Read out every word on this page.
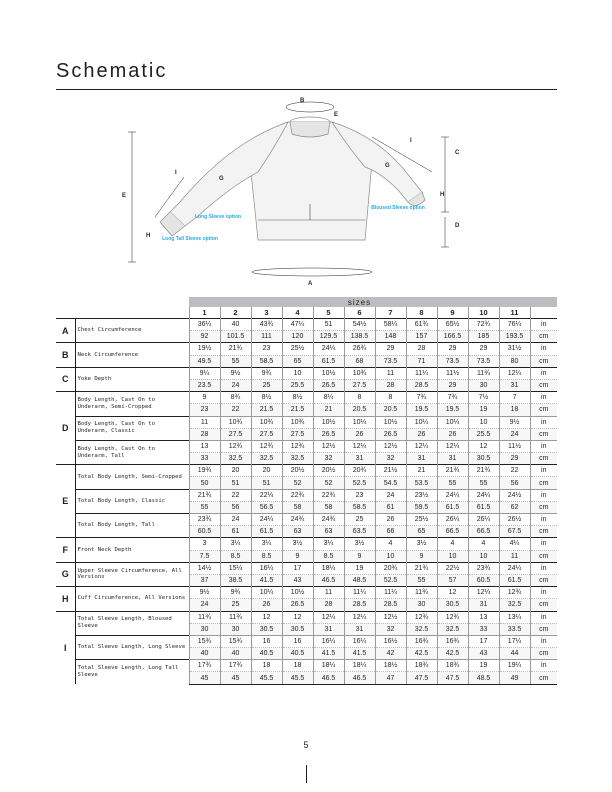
Schematic
B
E
C
I
G
H
D
E
I
G
H
A
Long Sleeve option
Long Tall Sleeve option
Bloused Sleeve option
		sizes											
		1	2	3	4	5	6	7	8	9	10	11	
A	Chest Circumference	36¼	40	43¾	47¼	51	54½	58¼	61¾	65½	72¾	76¼	in
		92	101.5	111	120	129.5	138.5	148	157	166.5	185	193.5	cm
B	Neck Circumference	19½	21¾	23	25½	24¼	26¾	29	28	29	29	31½	in
		49.5	55	58.5	65	61.5	68	73.5	71	73.5	73.5	80	cm
C	Yoke Depth	9¼	9½	9¾	10	10½	10¾	11	11¼	11½	11¾	12¼	in
		23.5	24	25	25.5	26.5	27.5	28	28.5	29	30	31	cm
D	Body Length, Cast On to Underarm, Semi-Cropped	9	8¾	8½	8½	8¼	8	8	7¾	7¾	7½	7	in
		23	22	21.5	21.5	21	20.5	20.5	19.5	19.5	19	18	cm
	Body Length, Cast On to Underarm, Classic	11	10¾	10¾	10¾	10½	10¼	10½	10¼	10¼	10	9½	in
		28	27.5	27.5	27.5	26.5	26	26.5	26	26	25.5	24	cm
	Body Length, Cast On to Underarm, Tall	13	12¾	12¾	12¾	12½	12¼	12½	12¼	12¼	12	11½	in
		33	32.5	32.5	32.5	32	31	32	31	31	30.5	29	cm
E	Total Body Length, Semi-Cropped	19¾	20	20	20½	20½	20¾	21½	21	21¾	21¾	22	in
		50	51	51	52	52	52.5	54.5	53.5	55	55	56	cm
	Total Body Length, Classic	21¾	22	22¼	22¾	22¾	23	24	23½	24¼	24¼	24½	in
		55	56	56.5	58	58	58.5	61	59.5	61.5	61.5	62	cm
	Total Body Length, Tall	23¾	24	24¼	24¾	24¾	25	26	25½	26¼	26¼	26½	in
		60.5	61	61.5	63	63	63.5	66	65	66.5	66.5	67.5	cm
F	Front Neck Depth	3	3¼	3¼	3½	3¼	3½	4	3½	4	4	4¼	in
		7.5	8.5	8.5	9	8.5	9	10	9	10	10	11	cm
G	Upper Sleeve Circumference, All Versions	14½	15¼	16¼	17	18¼	19	20¾	21¾	22½	23¾	24¼	in
		37	38.5	41.5	43	46.5	48.5	52.5	55	57	60.5	61.5	cm
H	Cuff Circumference, All Versions	9½	9¾	10¼	10½	11	11¼	11¼	11¾	12	12¼	12¾	in
		24	25	26	26.5	28	28.5	28.5	30	30.5	31	32.5	cm
I	Total Sleeve Length, Bloused Sleeve	11¾	11¾	12	12	12¼	12¼	12½	12¾	12¾	13	13¼	in
		30	30	30.5	30.5	31	31	32	32.5	32.5	33	33.5	cm
	Total Sleeve Length, Long Sleeve	15¾	15¾	16	16	16¼	16¼	16½	16¾	16¾	17	17¼	in
		40	40	40.5	40.5	41.5	41.5	42	42.5	42.5	43	44	cm
	Total Sleeve Length, Long Tall Sleeve	17¾	17¾	18	18	18¼	18¼	18½	18¾	18¾	19	19¼	in
		45	45	45.5	45.5	46.5	46.5	47	47.5	47.5	48.5	49	cm
5
